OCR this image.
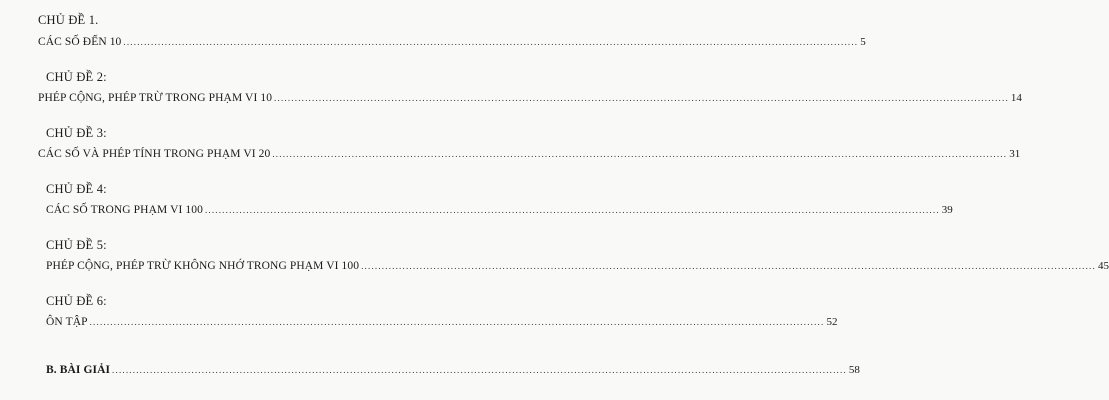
CHỦ ĐỀ 1.
CÁC SỐ ĐẾN 10 ..................................................................................................................................................................................................................... 5
CHỦ ĐỀ 2:
PHÉP CỘNG, PHÉP TRỪ TRONG PHẠM VI 10 ..................................................................................................................................................................................................................... 14
CHỦ ĐỀ 3:
CÁC SỐ VÀ PHÉP TÍNH TRONG PHẠM VI 20 ..................................................................................................................................................................................................................... 31
CHỦ ĐỀ 4:
CÁC SỐ TRONG PHẠM VI 100 ..................................................................................................................................................................................................................... 39
CHỦ ĐỀ 5:
PHÉP CỘNG, PHÉP TRỪ KHÔNG NHỚ TRONG PHẠM VI 100 ..................................................................................................................................................................................................................... 45
CHỦ ĐỀ 6:
ÔN TẬP ..................................................................................................................................................................................................................... 52
B. BÀI GIẢI ..................................................................................................................................................................................................................... 58
